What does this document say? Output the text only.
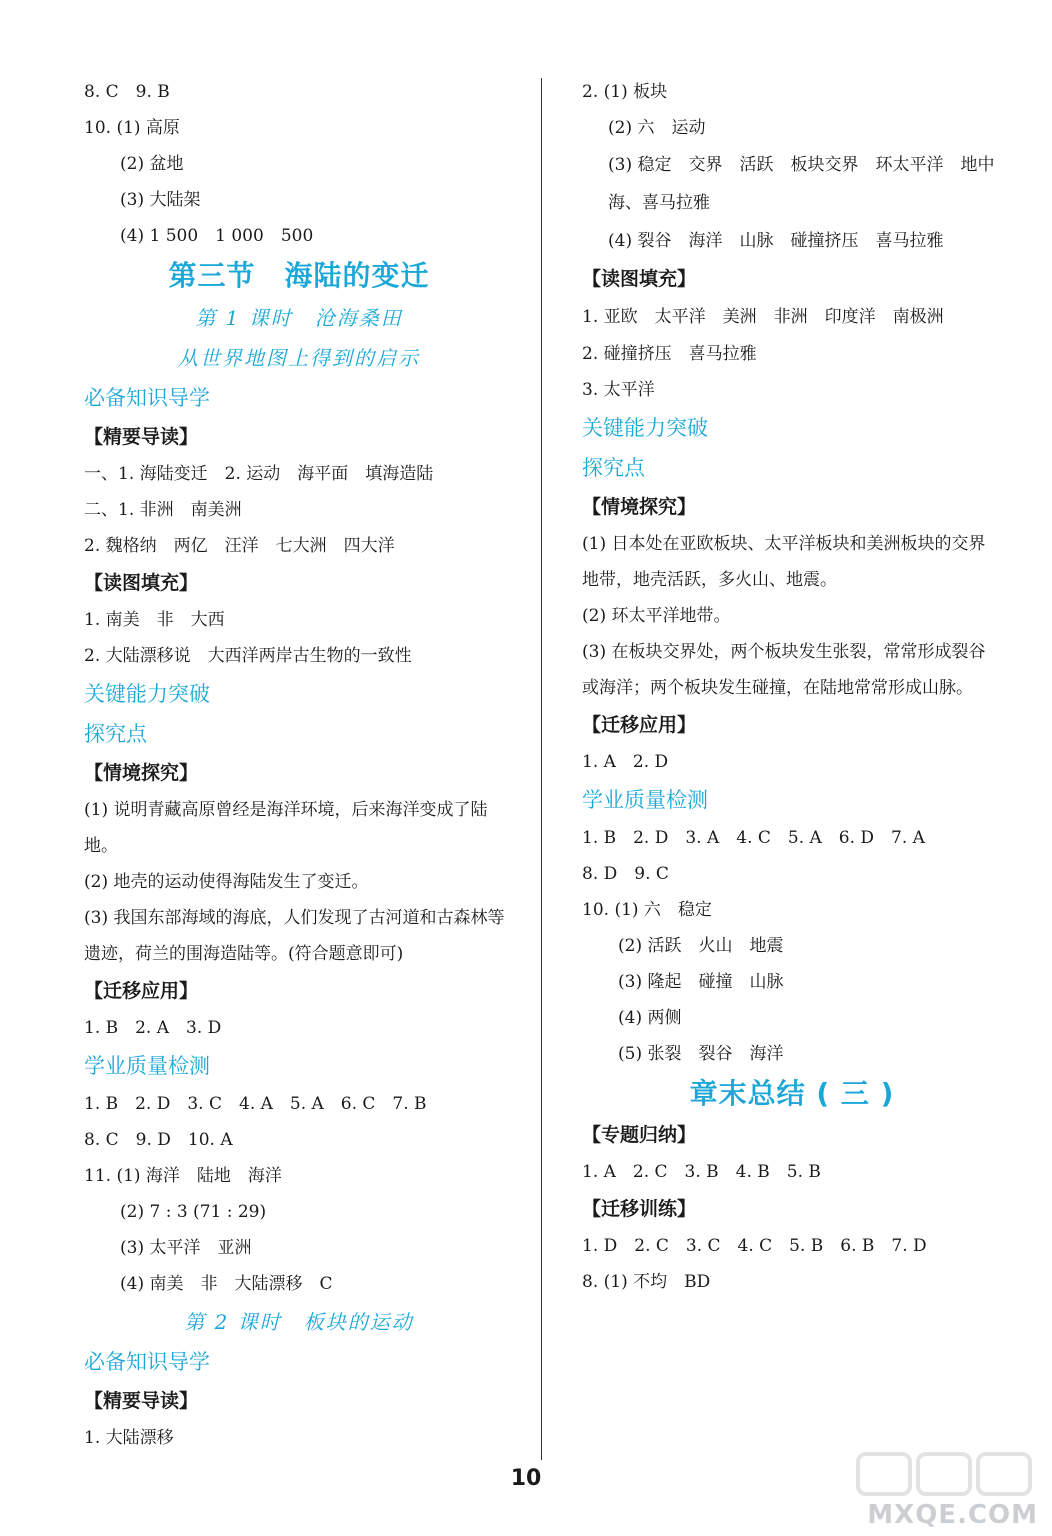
8. C　9. B
10. (1) 高原
(2) 盆地
(3) 大陆架
(4) 1 500　1 000　500
第三节　海陆的变迁
第 1 课时　沧海桑田
从世界地图上得到的启示
必备知识导学
【精要导读】
一、1. 海陆变迁　2. 运动　海平面　填海造陆
二、1. 非洲　南美洲
2. 魏格纳　两亿　汪洋　七大洲　四大洋
【读图填充】
1. 南美　非　大西
2. 大陆漂移说　大西洋两岸古生物的一致性
关键能力突破
探究点
【情境探究】
(1) 说明青藏高原曾经是海洋环境，后来海洋变成了陆地。
(2) 地壳的运动使得海陆发生了变迁。
(3) 我国东部海域的海底，人们发现了古河道和古森林等遗迹，荷兰的围海造陆等。(符合题意即可)
【迁移应用】
1. B　2. A　3. D
学业质量检测
1. B　2. D　3. C　4. A　5. A　6. C　7. B
8. C　9. D　10. A
11. (1) 海洋　陆地　海洋
(2) 7 : 3 (71 : 29)
(3) 太平洋　亚洲
(4) 南美　非　大陆漂移　C
第 2 课时　板块的运动
必备知识导学
【精要导读】
1. 大陆漂移
2. (1) 板块
(2) 六　运动
(3) 稳定　交界　活跃　板块交界　环太平洋　地中海、喜马拉雅
(4) 裂谷　海洋　山脉　碰撞挤压　喜马拉雅
【读图填充】
1. 亚欧　太平洋　美洲　非洲　印度洋　南极洲
2. 碰撞挤压　喜马拉雅
3. 太平洋
关键能力突破
探究点
【情境探究】
(1) 日本处在亚欧板块、太平洋板块和美洲板块的交界地带，地壳活跃，多火山、地震。
(2) 环太平洋地带。
(3) 在板块交界处，两个板块发生张裂，常常形成裂谷或海洋；两个板块发生碰撞，在陆地常常形成山脉。
【迁移应用】
1. A　2. D
学业质量检测
1. B　2. D　3. A　4. C　5. A　6. D　7. A
8. D　9. C
10. (1) 六　稳定
(2) 活跃　火山　地震
(3) 隆起　碰撞　山脉
(4) 两侧
(5) 张裂　裂谷　海洋
章末总结 ( 三 )
【专题归纳】
1. A　2. C　3. B　4. B　5. B
【迁移训练】
1. D　2. C　3. C　4. C　5. B　6. B　7. D
8. (1) 不均　BD
10
MXQE.COM
